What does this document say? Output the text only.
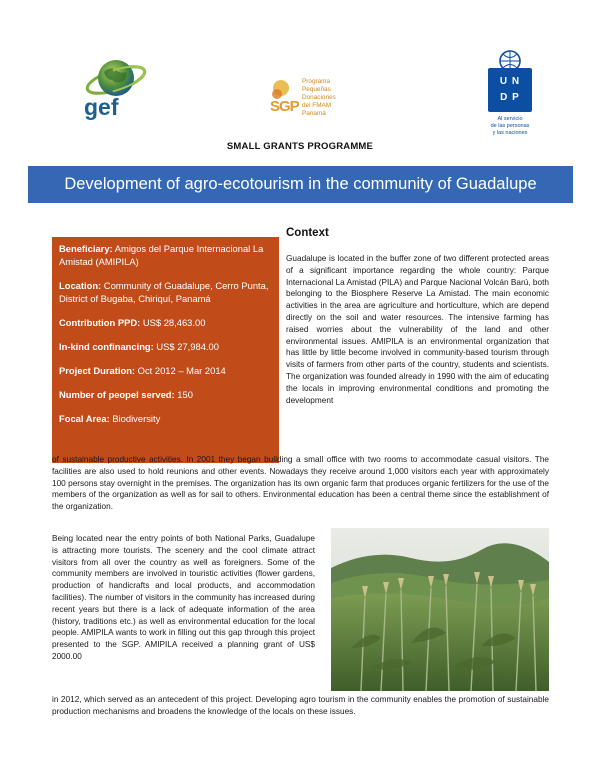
gef	SGP
Programa
Pequeñas
Donaciones
del FMAM
Panamá
U N
D P
Al servicio
de las personas
y las naciones
SMALL GRANTS PROGRAMME
Development of agro-ecotourism in the community of Guadalupe
Beneficiary: Amigos del Parque Internacional La Amistad (AMIPILA)
Location: Community of Guadalupe, Cerro Punta, District of Bugaba, Chiriquí, Panamá
Contribution PPD: US$ 28,463.00
In-kind confinancing: US$ 27,984.00
Project Duration: Oct 2012 – Mar 2014
Number of peopel served: 150
Focal Area: Biodiversity
Context
Guadalupe is located in the buffer zone of two different protected areas of a significant importance regarding the whole country: Parque Internacional La Amistad (PILA) and Parque Nacional Volcán Barú, both belonging to the Biosphere Reserve La Amistad. The main economic activities in the area are agriculture and horticulture, which are depend directly on the soil and water resources. The intensive farming has raised worries about the vulnerability of the land and other environmental issues. AMIPILA is an environmental organization that has little by little become involved in community-based tourism through visits of farmers from other parts of the country, students and scientists. The organization was founded already in 1990 with the aim of educating the locals in improving environmental conditions and promoting the development
of sustainable productive activities. In 2001 they began building a small office with two rooms to accommodate casual visitors. The facilities are also used to hold reunions and other events. Nowadays they receive around 1,000 visitors each year with approximately 100 persons stay overnight in the premises. The organization has its own organic farm that produces organic fertilizers for the use of the members of the organization as well as for sail to others. Environmental education has been a central theme since the establishment of the organization.
Being located near the entry points of both National Parks, Guadalupe is attracting more tourists. The scenery and the cool climate attract visitors from all over the country as well as foreigners. Some of the community members are involved in touristic activities (flower gardens, production of handicrafts and local products, and accommodation facilities). The number of visitors in the community has increased during recent years but there is a lack of adequate information of the area (history, traditions etc.) as well as environmental education for the local people. AMIPILA wants to work in filling out this gap through this project presented to the SGP. AMIPILA received a planning grant of US$ 2000.00
in 2012, which served as an antecedent of this project. Developing agro tourism in the community enables the promotion of sustainable production mechanisms and broadens the knowledge of the locals on these issues.
